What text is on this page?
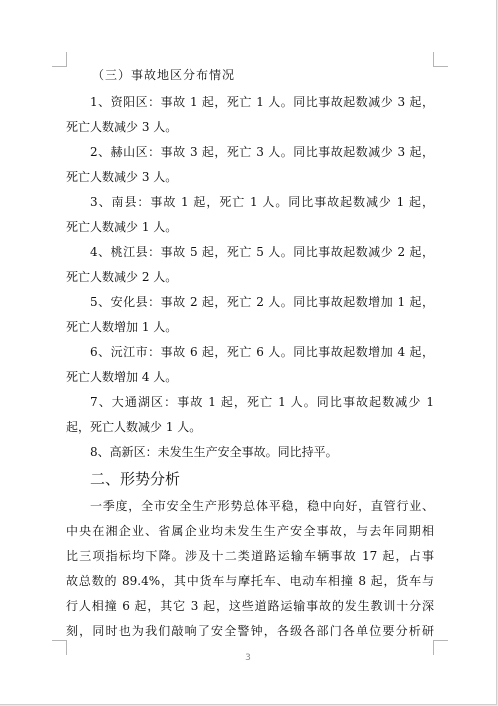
（三）事故地区分布情况
1、资阳区：事故 1 起，死亡 1 人。同比事故起数减少 3 起，
死亡人数减少 3 人。
2、赫山区：事故 3 起，死亡 3 人。同比事故起数减少 3 起，
死亡人数减少 3 人。
3、南县：事故 1 起，死亡 1 人。同比事故起数减少 1 起，
死亡人数减少 1 人。
4、桃江县：事故 5 起，死亡 5 人。同比事故起数减少 2 起，
死亡人数减少 2 人。
5、安化县：事故 2 起，死亡 2 人。同比事故起数增加 1 起，
死亡人数增加 1 人。
6、沅江市：事故 6 起，死亡 6 人。同比事故起数增加 4 起，
死亡人数增加 4 人。
7、大通湖区：事故 1 起，死亡 1 人。同比事故起数减少 1
起，死亡人数减少 1 人。
8、高新区：未发生生产安全事故。同比持平。
二、形势分析
一季度，全市安全生产形势总体平稳，稳中向好，直管行业、
中央在湘企业、省属企业均未发生生产安全事故，与去年同期相
比三项指标均下降。涉及十二类道路运输车辆事故 17 起，占事
故总数的 89.4%，其中货车与摩托车、电动车相撞 8 起，货车与
行人相撞 6 起，其它 3 起，这些道路运输事故的发生教训十分深
刻，同时也为我们敲响了安全警钟，各级各部门各单位要分析研
3
